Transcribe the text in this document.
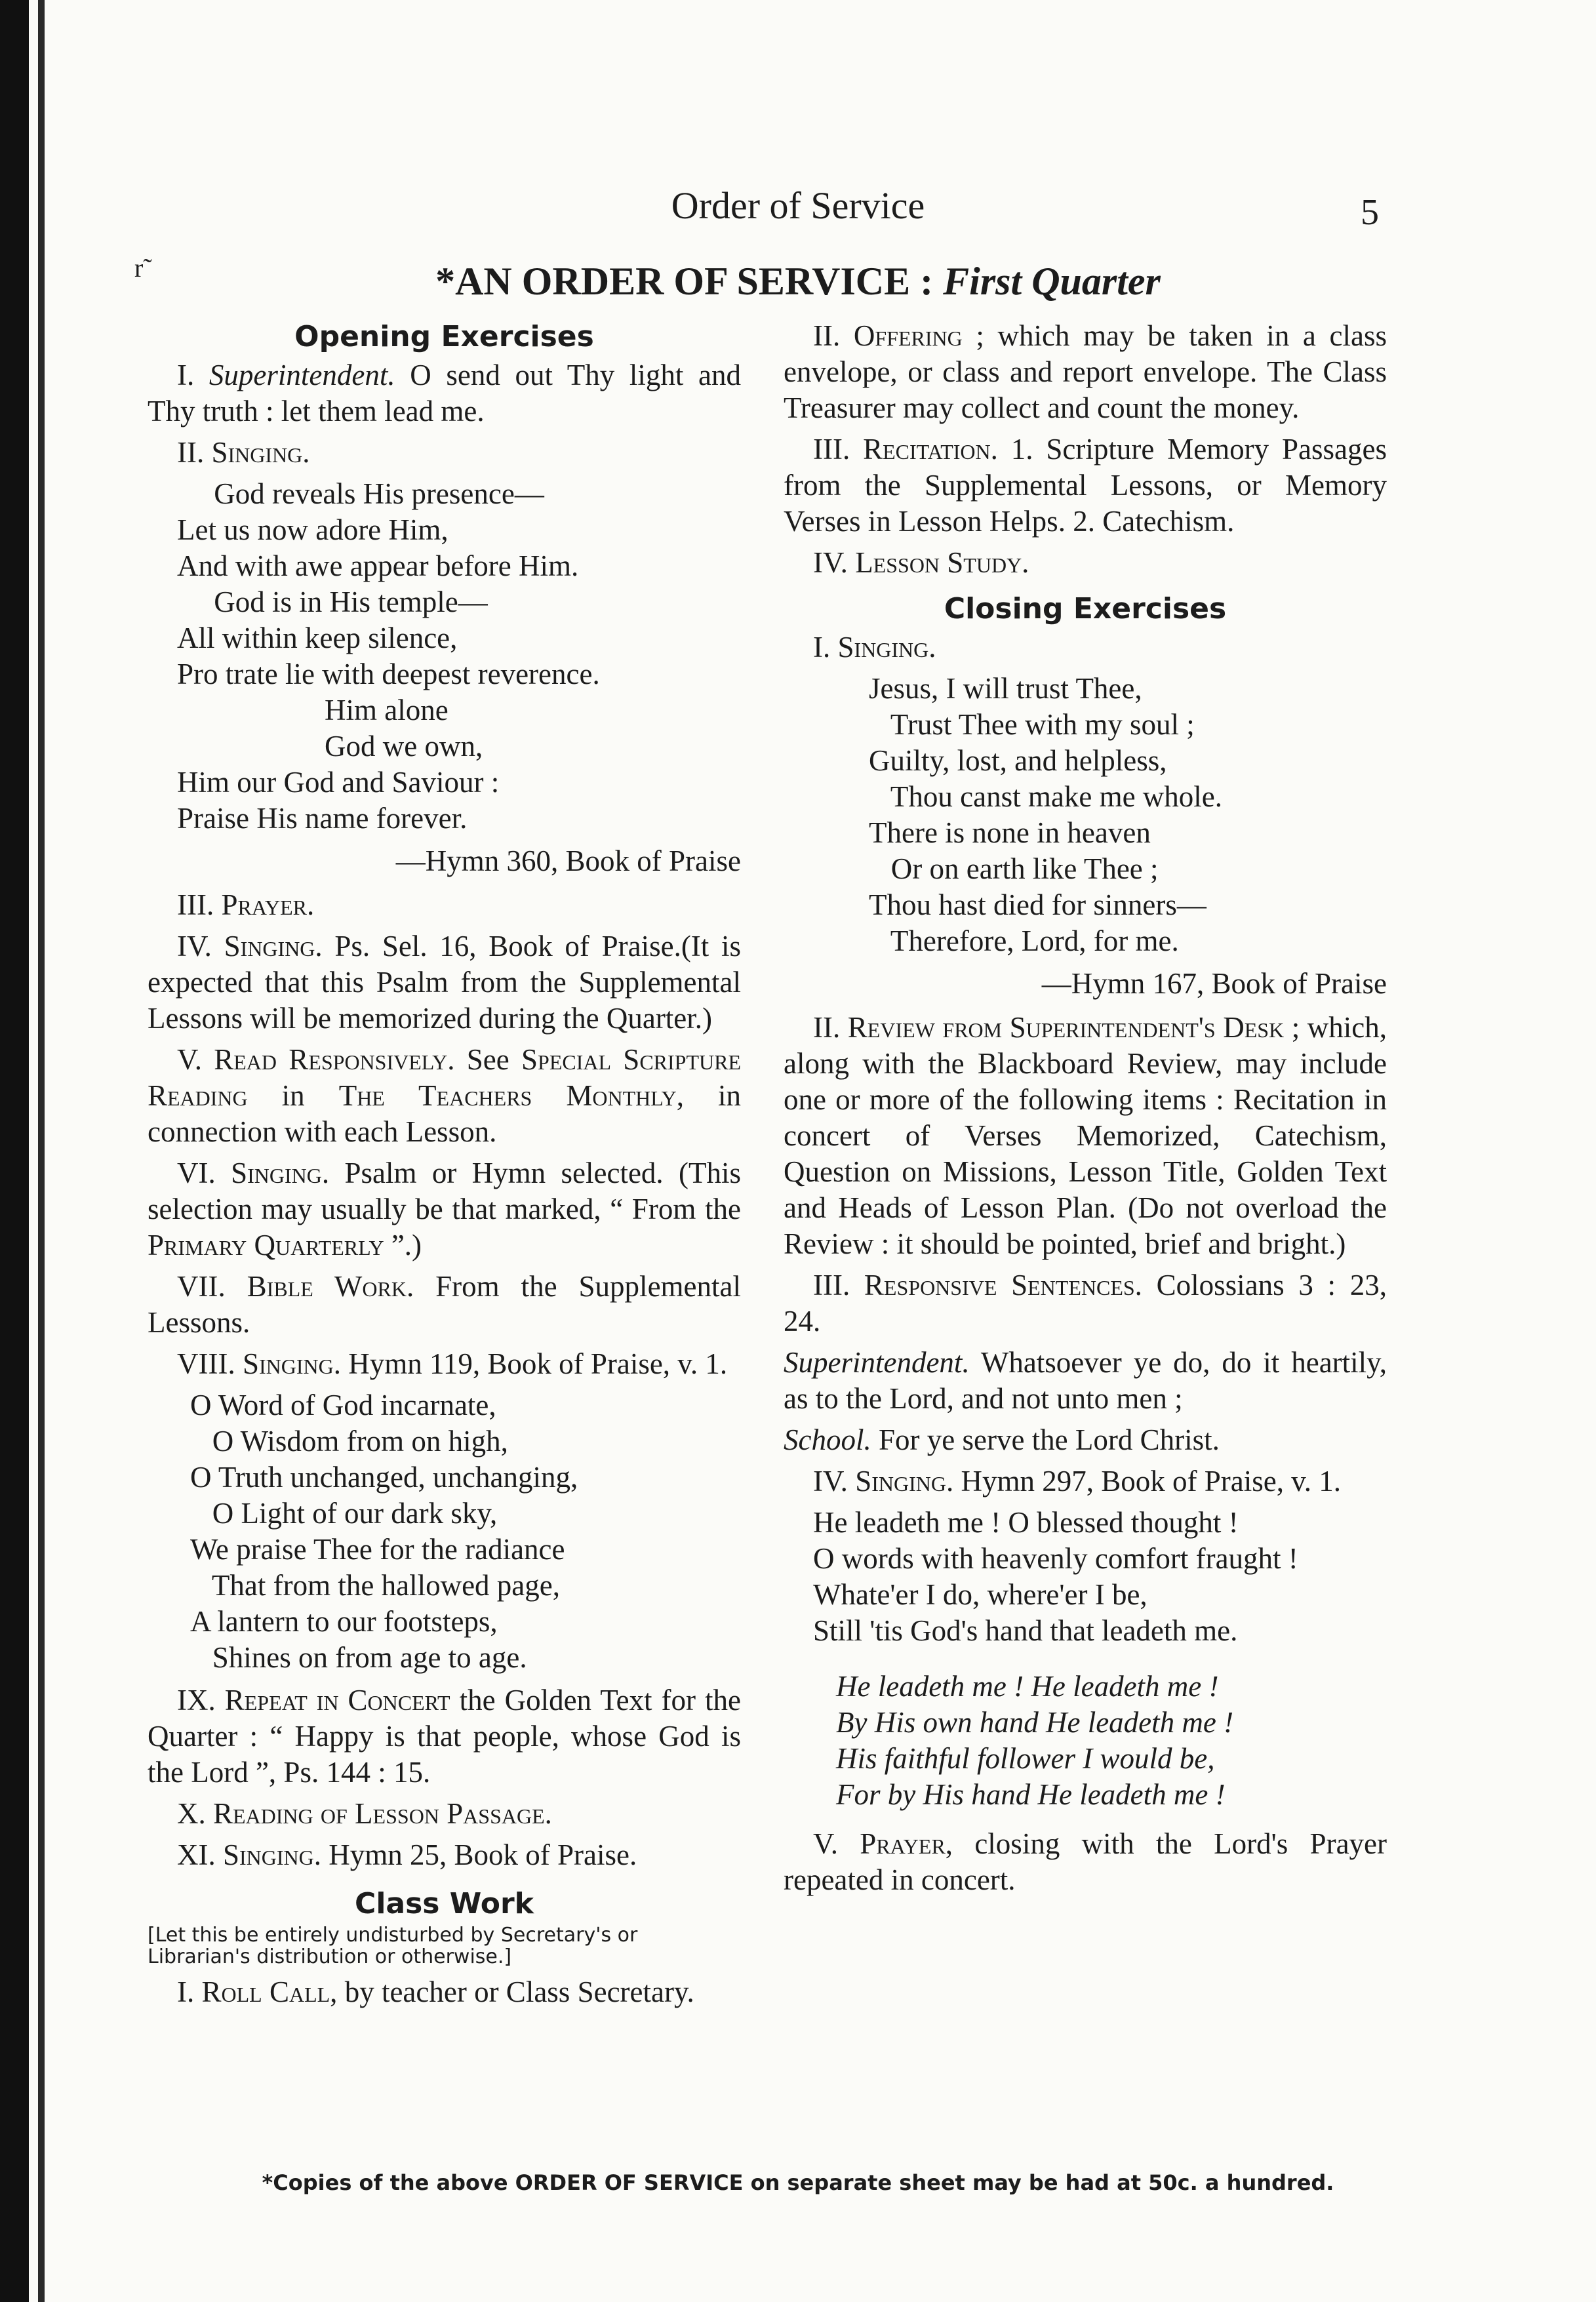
Order of Service	5
r˜	*AN ORDER OF SERVICE : First Quarter
Opening Exercises
I. Superintendent. O send out Thy light and Thy truth : let them lead me.
II. Singing.
God reveals His presence—
Let us now adore Him,
And with awe appear before Him.
God is in His temple—
All within keep silence,
Pro trate lie with deepest reverence.
Him alone
God we own,
Him our God and Saviour :
Praise His name forever.
—Hymn 360, Book of Praise
III. Prayer.
IV. Singing. Ps. Sel. 16, Book of Praise.(It is expected that this Psalm from the Supplemental Lessons will be memorized during the Quarter.)
V. Read Responsively. See Special Scripture Reading in The Teachers Monthly, in connection with each Lesson.
VI. Singing. Psalm or Hymn selected. (This selection may usually be that marked, “ From the Primary Quarterly ”.)
VII. Bible Work. From the Supplemental Lessons.
VIII. Singing. Hymn 119, Book of Praise, v. 1.
O Word of God incarnate,
O Wisdom from on high,
O Truth unchanged, unchanging,
O Light of our dark sky,
We praise Thee for the radiance
That from the hallowed page,
A lantern to our footsteps,
Shines on from age to age.
IX. Repeat in Concert the Golden Text for the Quarter : “ Happy is that people, whose God is the Lord ”, Ps. 144 : 15.
X. Reading of Lesson Passage.
XI. Singing. Hymn 25, Book of Praise.
Class Work
[Let this be entirely undisturbed by Secretary's or Librarian's distribution or otherwise.]
I. Roll Call, by teacher or Class Secretary.
II. Offering ; which may be taken in a class envelope, or class and report envelope. The Class Treasurer may collect and count the money.
III. Recitation. 1. Scripture Memory Passages from the Supplemental Lessons, or Memory Verses in Lesson Helps. 2. Catechism.
IV. Lesson Study.
Closing Exercises
I. Singing.
Jesus, I will trust Thee,
Trust Thee with my soul ;
Guilty, lost, and helpless,
Thou canst make me whole.
There is none in heaven
Or on earth like Thee ;
Thou hast died for sinners—
Therefore, Lord, for me.
—Hymn 167, Book of Praise
II. Review from Superintendent's Desk ; which, along with the Blackboard Review, may include one or more of the following items : Recitation in concert of Verses Memorized, Catechism, Question on Missions, Lesson Title, Golden Text and Heads of Lesson Plan. (Do not overload the Review : it should be pointed, brief and bright.)
III. Responsive Sentences. Colossians 3 : 23, 24.
Superintendent. Whatsoever ye do, do it heartily, as to the Lord, and not unto men ;
School. For ye serve the Lord Christ.
IV. Singing. Hymn 297, Book of Praise, v. 1.
He leadeth me ! O blessed thought !
O words with heavenly comfort fraught !
Whate'er I do, where'er I be,
Still 'tis God's hand that leadeth me.
He leadeth me ! He leadeth me !
By His own hand He leadeth me !
His faithful follower I would be,
For by His hand He leadeth me !
V. Prayer, closing with the Lord's Prayer repeated in concert.
*Copies of the above ORDER OF SERVICE on separate sheet may be had at 50c. a hundred.
